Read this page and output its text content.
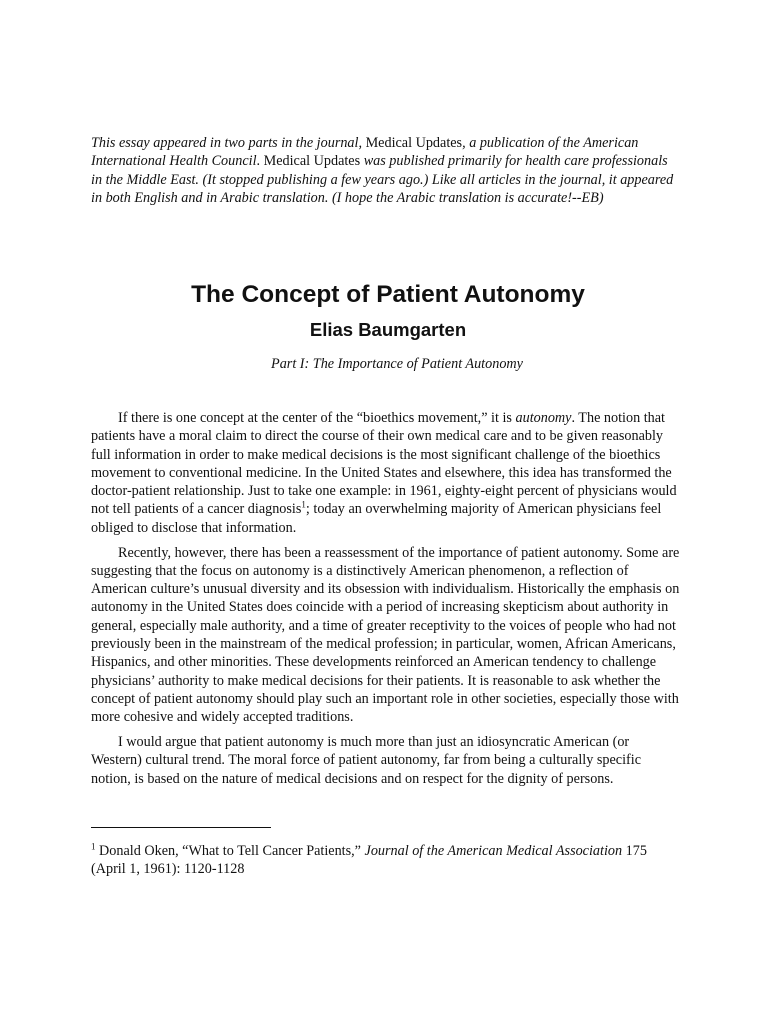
This essay appeared in two parts in the journal, Medical Updates, a publication of the American International Health Council. Medical Updates was published primarily for health care professionals in the Middle East. (It stopped publishing a few years ago.) Like all articles in the journal, it appeared in both English and in Arabic translation. (I hope the Arabic translation is accurate!--EB)
The Concept of Patient Autonomy
Elias Baumgarten

Part I: The Importance of Patient Autonomy

If there is one concept at the center of the “bioethics movement,” it is autonomy. The notion that patients have a moral claim to direct the course of their own medical care and to be given reasonably full information in order to make medical decisions is the most significant challenge of the bioethics movement to conventional medicine. In the United States and elsewhere, this idea has transformed the doctor-patient relationship. Just to take one example: in 1961, eighty-eight percent of physicians would not tell patients of a cancer diagnosis$^1$; today an overwhelming majority of American physicians feel obliged to disclose that information.

Recently, however, there has been a reassessment of the importance of patient autonomy. Some are suggesting that the focus on autonomy is a distinctively American phenomenon, a reflection of American culture’s unusual diversity and its obsession with individualism. Historically the emphasis on autonomy in the United States does coincide with a period of increasing skepticism about authority in general, especially male authority, and a time of greater receptivity to the voices of people who had not previously been in the mainstream of the medical profession; in particular, women, African Americans, Hispanics, and other minorities. These developments reinforced an American tendency to challenge physicians’ authority to make medical decisions for their patients. It is reasonable to ask whether the concept of patient autonomy should play such an important role in other societies, especially those with more cohesive and widely accepted traditions.

I would argue that patient autonomy is much more than just an idiosyncratic American (or Western) cultural trend. The moral force of patient autonomy, far from being a culturally specific notion, is based on the nature of medical decisions and on respect for the dignity of persons.

$^1$ Donald Oken, “What to Tell Cancer Patients,” Journal of the American Medical Association 175 (April 1, 1961): 1120-1128
